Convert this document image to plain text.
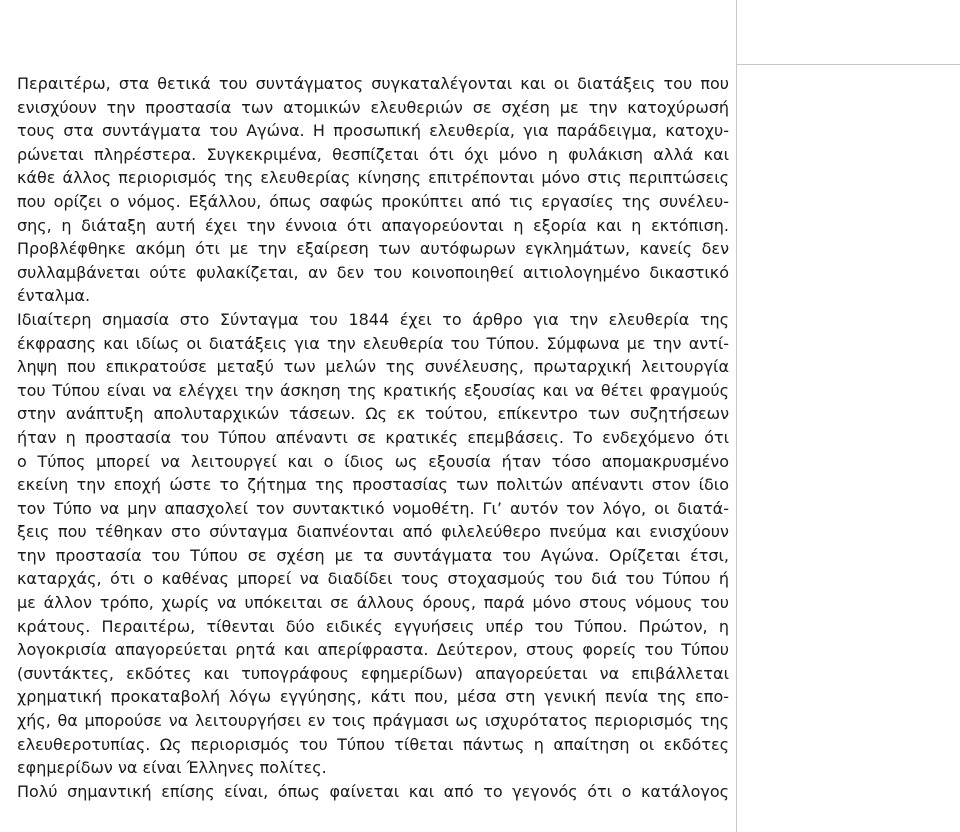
Περαιτέρω, στα θετικά του συντάγματος συγκαταλέγονται και οι διατάξεις του που
ενισχύουν την προστασία των ατομικών ελευθεριών σε σχέση με την κατοχύρωσή
τους στα συντάγματα του Αγώνα. Η προσωπική ελευθερία, για παράδειγμα, κατοχυ-
ρώνεται πληρέστερα. Συγκεκριμένα, θεσπίζεται ότι όχι μόνο η φυλάκιση αλλά και
κάθε άλλος περιορισμός της ελευθερίας κίνησης επιτρέπονται μόνο στις περιπτώσεις
που ορίζει ο νόμος. Εξάλλου, όπως σαφώς προκύπτει από τις εργασίες της συνέλευ-
σης, η διάταξη αυτή έχει την έννοια ότι απαγορεύονται η εξορία και η εκτόπιση.
Προβλέφθηκε ακόμη ότι με την εξαίρεση των αυτόφωρων εγκλημάτων, κανείς δεν
συλλαμβάνεται ούτε φυλακίζεται, αν δεν του κοινοποιηθεί αιτιολογημένο δικαστικό
ένταλμα.
Ιδιαίτερη σημασία στο Σύνταγμα του 1844 έχει το άρθρο για την ελευθερία της
έκφρασης και ιδίως οι διατάξεις για την ελευθερία του Τύπου. Σύμφωνα με την αντί-
ληψη που επικρατούσε μεταξύ των μελών της συνέλευσης, πρωταρχική λειτουργία
του Τύπου είναι να ελέγχει την άσκηση της κρατικής εξουσίας και να θέτει φραγμούς
στην ανάπτυξη απολυταρχικών τάσεων. Ως εκ τούτου, επίκεντρο των συζητήσεων
ήταν η προστασία του Τύπου απέναντι σε κρατικές επεμβάσεις. Το ενδεχόμενο ότι
ο Τύπος μπορεί να λειτουργεί και ο ίδιος ως εξουσία ήταν τόσο απομακρυσμένο
εκείνη την εποχή ώστε το ζήτημα της προστασίας των πολιτών απέναντι στον ίδιο
τον Τύπο να μην απασχολεί τον συντακτικό νομοθέτη. Γι’ αυτόν τον λόγο, οι διατά-
ξεις που τέθηκαν στο σύνταγμα διαπνέονται από φιλελεύθερο πνεύμα και ενισχύουν
την προστασία του Τύπου σε σχέση με τα συντάγματα του Αγώνα. Ορίζεται έτσι,
καταρχάς, ότι ο καθένας μπορεί να διαδίδει τους στοχασμούς του διά του Τύπου ή
με άλλον τρόπο, χωρίς να υπόκειται σε άλλους όρους, παρά μόνο στους νόμους του
κράτους. Περαιτέρω, τίθενται δύο ειδικές εγγυήσεις υπέρ του Τύπου. Πρώτον, η
λογοκρισία απαγορεύεται ρητά και απερίφραστα. Δεύτερον, στους φορείς του Τύπου
(συντάκτες, εκδότες και τυπογράφους εφημερίδων) απαγορεύεται να επιβάλλεται
χρηματική προκαταβολή λόγω εγγύησης, κάτι που, μέσα στη γενική πενία της επο-
χής, θα μπορούσε να λειτουργήσει εν τοις πράγμασι ως ισχυρότατος περιορισμός της
ελευθεροτυπίας. Ως περιορισμός του Τύπου τίθεται πάντως η απαίτηση οι εκδότες
εφημερίδων να είναι Έλληνες πολίτες.
Πολύ σημαντική επίσης είναι, όπως φαίνεται και από το γεγονός ότι ο κατάλογος
